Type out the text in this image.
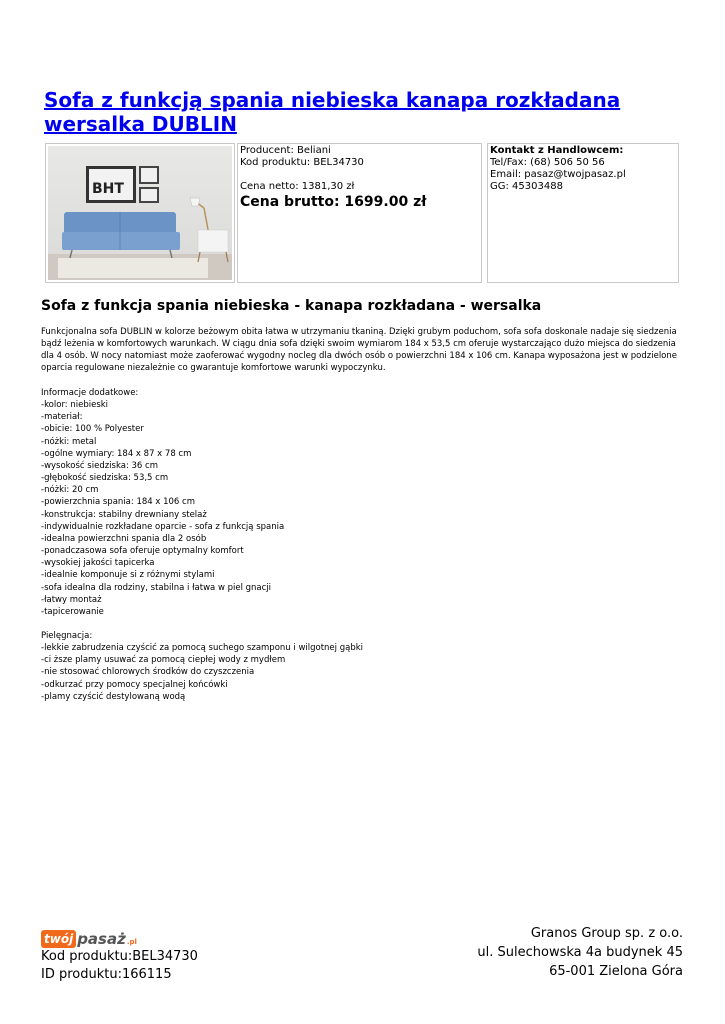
Sofa z funkcją spania niebieska kanapa rozkładana wersalka DUBLIN
BHT
Producent: Beliani
Kod produktu: BEL34730
Cena netto: 1381,30 zł
Cena brutto: 1699.00 zł
Kontakt z Handlowcem:
Tel/Fax: (68) 506 50 56
Email: pasaz@twojpasaz.pl
GG: 45303488
Sofa z funkcja spania niebieska - kanapa rozkładana - wersalka
Funkcjonalna sofa DUBLIN w kolorze beżowym obita łatwa w utrzymaniu tkaniną. Dzięki grubym poduchom, sofa sofa doskonale nadaje się siedzenia bądź leżenia w komfortowych warunkach. W ciągu dnia sofa dzięki swoim wymiarom 184 x 53,5 cm oferuje wystarczająco dużo miejsca do siedzenia dla 4 osób. W nocy natomiast może zaoferować wygodny nocleg dla dwóch osób o powierzchni 184 x 106 cm. Kanapa wyposażona jest w podzielone oparcia regulowane niezależnie co gwarantuje komfortowe warunki wypoczynku.
Informacje dodatkowe:
-kolor: niebieski
-materiał:
-obicie: 100 % Polyester
-nóżki: metal
-ogólne wymiary: 184 x 87 x 78 cm
-wysokość siedziska: 36 cm
-głębokość siedziska: 53,5 cm
-nóżki: 20 cm
-powierzchnia spania: 184 x 106 cm
-konstrukcja: stabilny drewniany stelaż
-indywidualnie rozkładane oparcie - sofa z funkcją spania
-idealna powierzchni spania dla 2 osób
-ponadczasowa sofa oferuje optymalny komfort
-wysokiej jakości tapicerka
-idealnie komponuje si z różnymi stylami
-sofa idealna dla rodziny, stabilna i łatwa w piel gnacji
-łatwy montaż
-tapicerowanie
Pielęgnacja:
-lekkie zabrudzenia czyścić za pomocą suchego szamponu i wilgotnej gąbki
-ci ższe plamy usuwać za pomocą ciepłej wody z mydłem
-nie stosować chlorowych środków do czyszczenia
-odkurzać przy pomocy specjalnej końcówki
-plamy czyścić destylowaną wodą
twój pasaż .pl
Kod produktu:BEL34730
ID produktu:166115
Granos Group sp. z o.o.
ul. Sulechowska 4a budynek 45
65-001 Zielona Góra
